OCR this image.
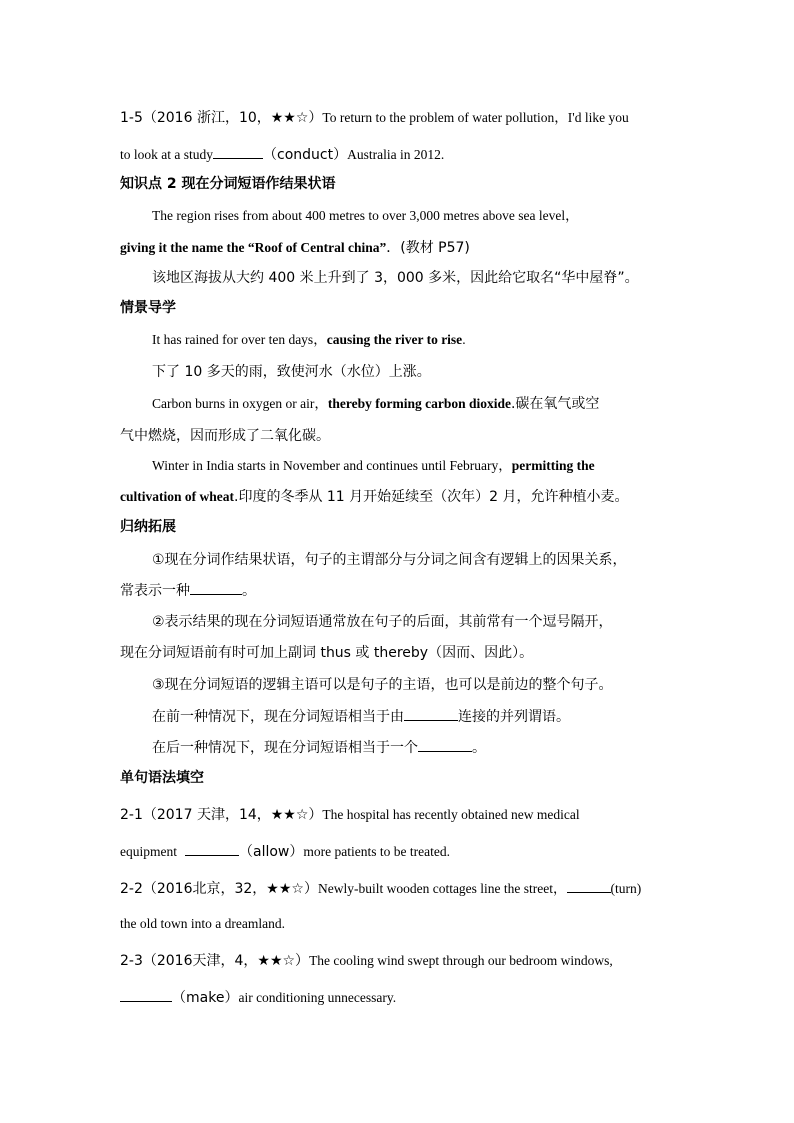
1-5（2016 浙江，10，★★☆）To return to the problem of water pollution，I'd like you
to look at a study	（conduct）Australia in 2012.
知识点 2 现在分词短语作结果状语
The region rises from about 400 metres to over 3,000 metres above sea level，
giving it the name the “Roof of Central china”．(教材 P57)
该地区海拔从大约 400 米上升到了 3，000 多米，因此给它取名“华中屋脊”。
情景导学
It has rained for over ten days，causing the river to rise.
下了 10 多天的雨，致使河水（水位）上涨。
Carbon burns in oxygen or air，thereby forming carbon dioxide.碳在氧气或空
气中燃烧，因而形成了二氧化碳。
Winter in India starts in November and continues until February，permitting the
cultivation of wheat.印度的冬季从 11 月开始延续至（次年）2 月，允许种植小麦。
归纳拓展
①现在分词作结果状语，句子的主谓部分与分词之间含有逻辑上的因果关系，
常表示一种	。
②表示结果的现在分词短语通常放在句子的后面，其前常有一个逗号隔开，
现在分词短语前有时可加上副词 thus 或 thereby（因而、因此）。
③现在分词短语的逻辑主语可以是句子的主语，也可以是前边的整个句子。
在前一种情况下，现在分词短语相当于由	连接的并列谓语。
在后一种情况下，现在分词短语相当于一个	。
单句语法填空
2-1（2017 天津，14，★★☆）The hospital has recently obtained new medical
equipment	（allow）more patients to be treated.
2-2（2016北京，32，★★☆）Newly-built wooden cottages line the street，	(turn)
the old town into a dreamland.
2-3（2016天津，4，★★☆）The cooling wind swept through our bedroom windows,
（make）air conditioning unnecessary.
